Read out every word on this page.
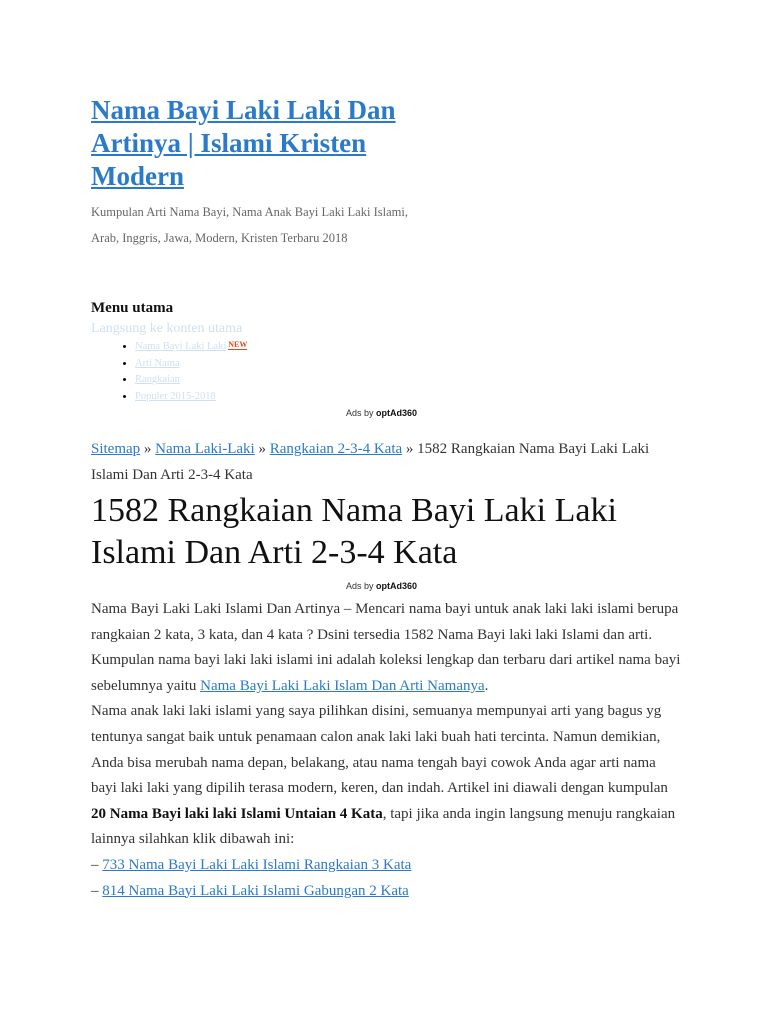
Nama Bayi Laki Laki Dan Artinya | Islami Kristen Modern

Kumpulan Arti Nama Bayi, Nama Anak Bayi Laki Laki Islami, Arab, Inggris, Jawa, Modern, Kristen Terbaru 2018

Menu utama
Langsung ke konten utama
• Nama Bayi Laki Laki NEW
• Arti Nama
• Rangkaian
• Populer 2015-2018
Ads by optAd360

Sitemap » Nama Laki-Laki » Rangkaian 2-3-4 Kata » 1582 Rangkaian Nama Bayi Laki Laki Islami Dan Arti 2-3-4 Kata

1582 Rangkaian Nama Bayi Laki Laki Islami Dan Arti 2-3-4 Kata
Ads by optAd360

Nama Bayi Laki Laki Islami Dan Artinya – Mencari nama bayi untuk anak laki laki islami berupa rangkaian 2 kata, 3 kata, dan 4 kata ? Dsini tersedia 1582 Nama Bayi laki laki Islami dan arti. Kumpulan nama bayi laki laki islami ini adalah koleksi lengkap dan terbaru dari artikel nama bayi sebelumnya yaitu Nama Bayi Laki Laki Islam Dan Arti Namanya.

Nama anak laki laki islami yang saya pilihkan disini, semuanya mempunyai arti yang bagus yg tentunya sangat baik untuk penamaan calon anak laki laki buah hati tercinta. Namun demikian, Anda bisa merubah nama depan, belakang, atau nama tengah bayi cowok Anda agar arti nama bayi laki laki yang dipilih terasa modern, keren, dan indah. Artikel ini diawali dengan kumpulan 20 Nama Bayi laki laki Islami Untaian 4 Kata, tapi jika anda ingin langsung menuju rangkaian lainnya silahkan klik dibawah ini:

– 733 Nama Bayi Laki Laki Islami Rangkaian 3 Kata

– 814 Nama Bayi Laki Laki Islami Gabungan 2 Kata
